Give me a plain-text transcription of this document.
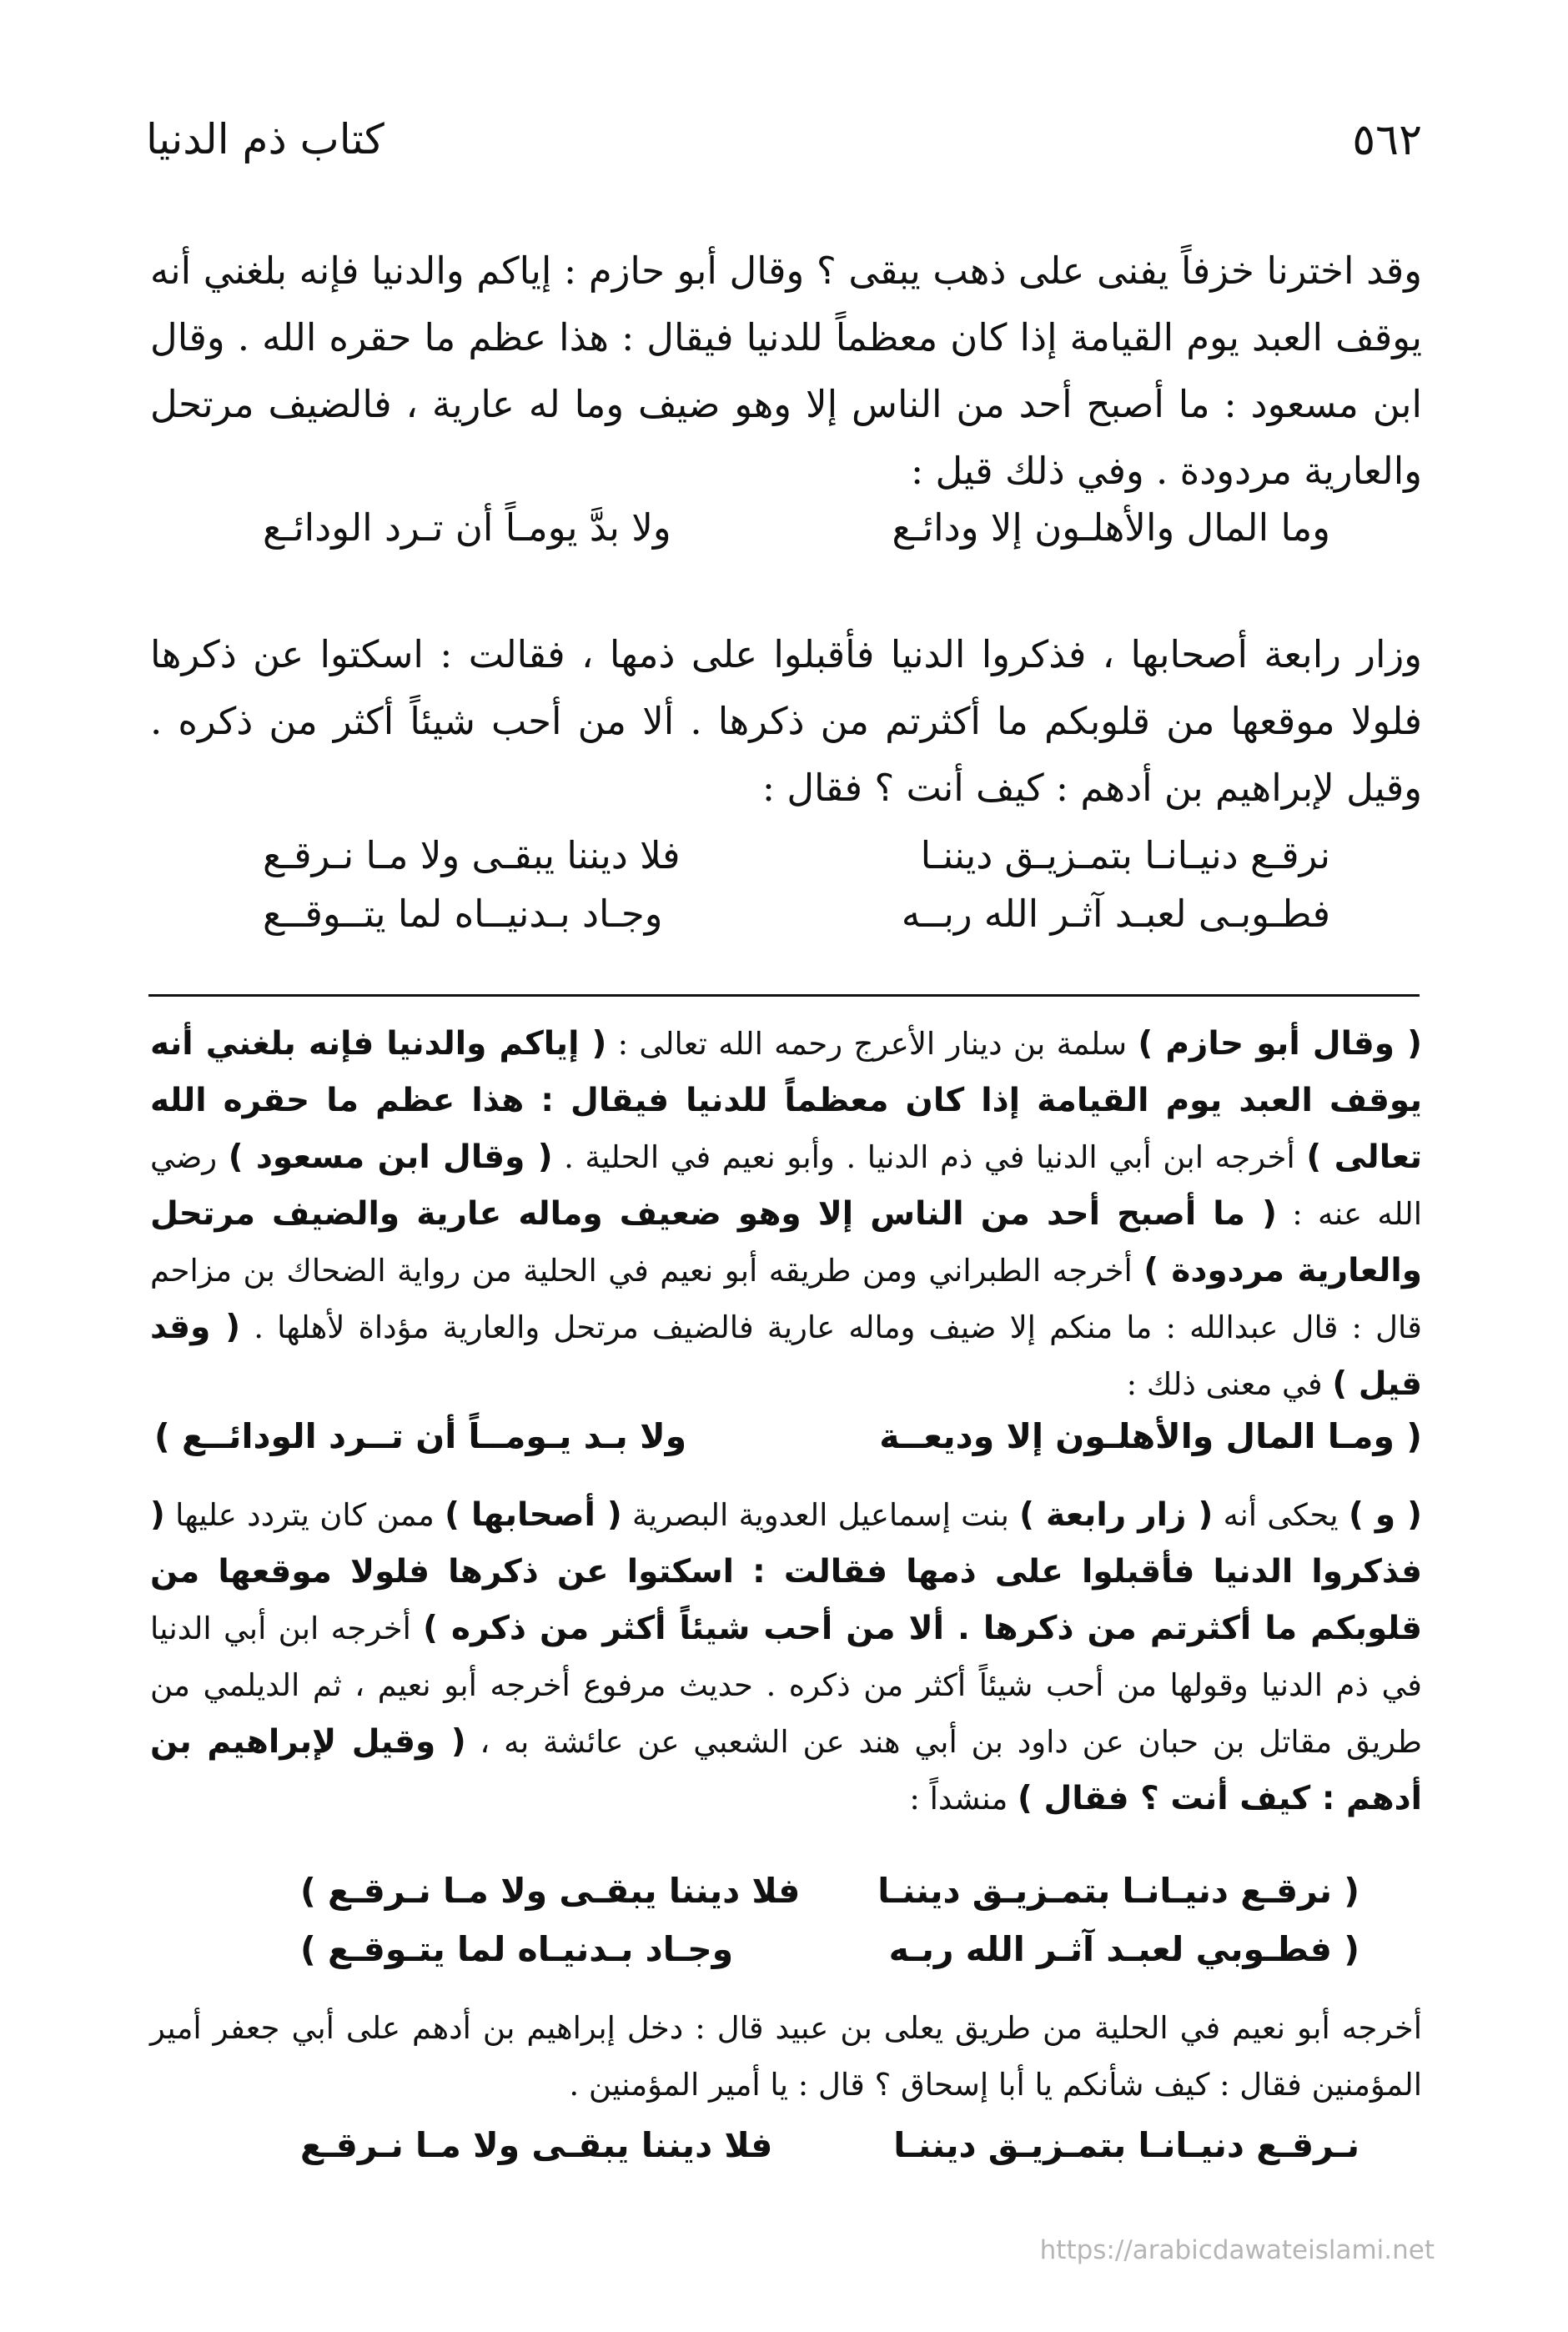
٥٦٢
كتاب ذم الدنيا

وقد اخترنا خزفاً يفنى على ذهب يبقى ؟ وقال أبو حازم : إياكم والدنيا فإنه بلغني أنه يوقف العبد يوم القيامة إذا كان معظماً للدنيا فيقال : هذا عظم ما حقره الله . وقال ابن مسعود : ما أصبح أحد من الناس إلا وهو ضيف وما له عارية ، فالضيف مرتحل والعارية مردودة . وفي ذلك قيل :

وما المال والأهلـون إلا ودائـع
ولا بدَّ يومـاً أن تـرد الودائـع

وزار رابعة أصحابها ، فذكروا الدنيا فأقبلوا على ذمها ، فقالت : اسكتوا عن ذكرها فلولا موقعها من قلوبكم ما أكثرتم من ذكرها . ألا من أحب شيئاً أكثر من ذكره . وقيل لإبراهيم بن أدهم : كيف أنت ؟ فقال :

نرقـع دنيـانـا بتمـزيـق ديننـا
فلا ديننا يبقـى ولا مـا نـرقـع
فطـوبـى لعبـد آثـر الله ربــه
وجـاد بـدنيــاه لما يتــوقــع

( وقال أبو حازم ) سلمة بن دينار الأعرج رحمه الله تعالى : ( إياكم والدنيا فإنه بلغني أنه يوقف العبد يوم القيامة إذا كان معظماً للدنيا فيقال : هذا عظم ما حقره الله تعالى ) أخرجه ابن أبي الدنيا في ذم الدنيا . وأبو نعيم في الحلية . ( وقال ابن مسعود ) رضي الله عنه : ( ما أصبح أحد من الناس إلا وهو ضعيف وماله عارية والضيف مرتحل والعارية مردودة ) أخرجه الطبراني ومن طريقه أبو نعيم في الحلية من رواية الضحاك بن مزاحم قال : قال عبدالله : ما منكم إلا ضيف وماله عارية فالضيف مرتحل والعارية مؤداة لأهلها . ( وقد قيل ) في معنى ذلك :

( ومـا المال والأهلـون إلا وديعــة
ولا بـد يـومــاً أن تــرد الودائــع )

( و ) يحكى أنه ( زار رابعة ) بنت إسماعيل العدوية البصرية ( أصحابها ) ممن كان يتردد عليها ( فذكروا الدنيا فأقبلوا على ذمها فقالت : اسكتوا عن ذكرها فلولا موقعها من قلوبكم ما أكثرتم من ذكرها . ألا من أحب شيئاً أكثر من ذكره ) أخرجه ابن أبي الدنيا في ذم الدنيا وقولها من أحب شيئاً أكثر من ذكره . حديث مرفوع أخرجه أبو نعيم ، ثم الديلمي من طريق مقاتل بن حبان عن داود بن أبي هند عن الشعبي عن عائشة به ، ( وقيل لإبراهيم بن أدهم : كيف أنت ؟ فقال ) منشداً :

( نرقـع دنيـانـا بتمـزيـق ديننـا
فلا ديننا يبقـى ولا مـا نـرقـع )
( فطـوبي لعبـد آثـر الله ربـه
وجـاد بـدنيـاه لما يتـوقـع )

أخرجه أبو نعيم في الحلية من طريق يعلى بن عبيد قال : دخل إبراهيم بن أدهم على أبي جعفر أمير المؤمنين فقال : كيف شأنكم يا أبا إسحاق ؟ قال : يا أمير المؤمنين .

نـرقـع دنيـانـا بتمـزيـق ديننـا
فلا ديننا يبقـى ولا مـا نـرقـع
https://arabicdawateislami.net
